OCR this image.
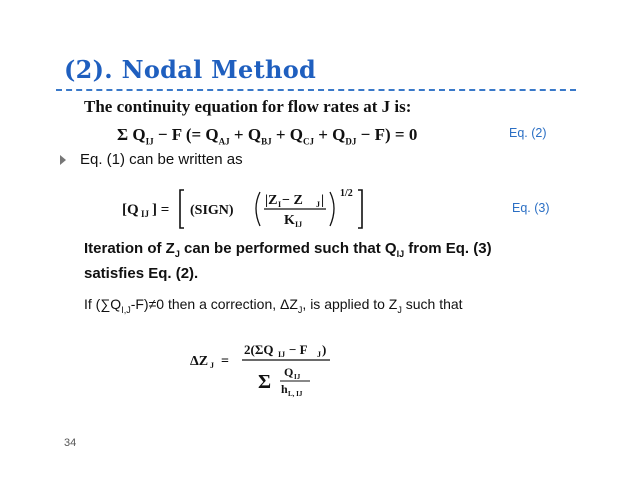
(2). Nodal Method
The continuity equation for flow rates at J is:
Σ $Q_{IJ} - F$ (= $Q_{AJ} + Q_{BJ} + Q_{CJ} + Q_{DJ} - F) = 0$	Eq. (2)
Eq. (1) can be written as
[Q IJ ] = (SIGN)
|Z I − Z J |
K IJ
1/2
Eq. (3)
Iteration of $Z_J$ can be performed such that $Q_{IJ}$ from Eq. (3)
satisfies Eq. (2).
If $(\sum Q_{I,J}-F)\ne 0$ then a correction, $\Delta Z_J$, is applied to $Z_J$ such that
ΔZ J =
2(ΣQ IJ − F J )
Σ Q IJ
h L, IJ
34
